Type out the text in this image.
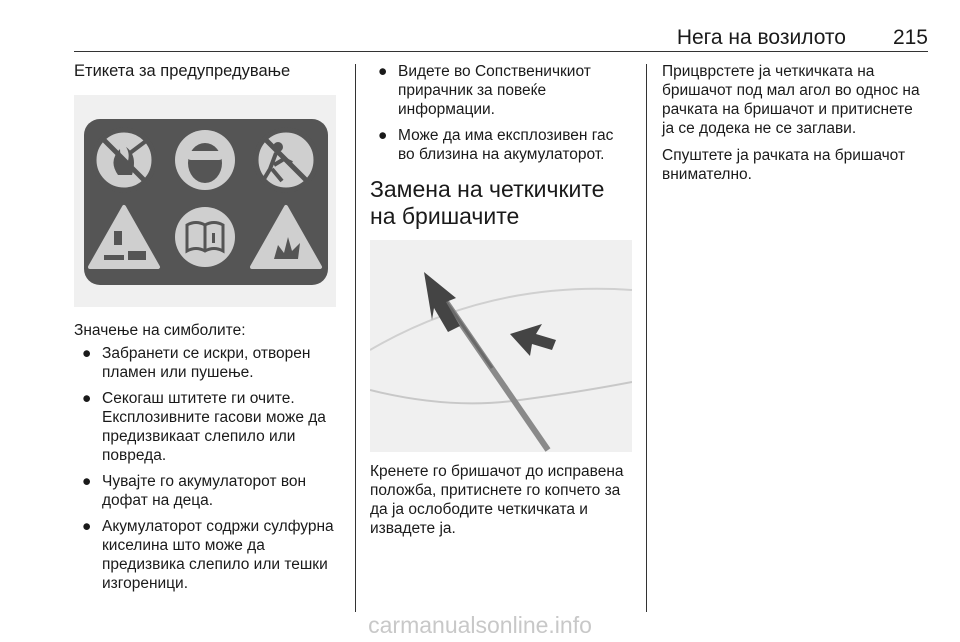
Нега на возилото 215
Етикета за предупредување

Значење на симболите:

● Забранети се искри, отворен пламен или пушење.
● Секогаш штитете ги очите. Експлозивните гасови може да предизвикаат слепило или повреда.
● Чувајте го акумулаторот вон дофат на деца.
● Акумулаторот содржи сулфурна киселина што може да предизвика слепило или тешки изгореници.
● Видете во Сопственичкиот прирачник за повеќе информации.
● Може да има експлозивен гас во близина на акумулаторот.
Замена на четкичките на бришачите

Кренете го бришачот до исправена положба, притиснете го копчето за да ја ослободите четкичката и извадете ја.

Прицврстете ја четкичката на бришачот под мал агол во однос на рачката на бришачот и притиснете ја се додека не се заглави.

Спуштете ја рачката на бришачот внимателно.

carmanualsonline.info
